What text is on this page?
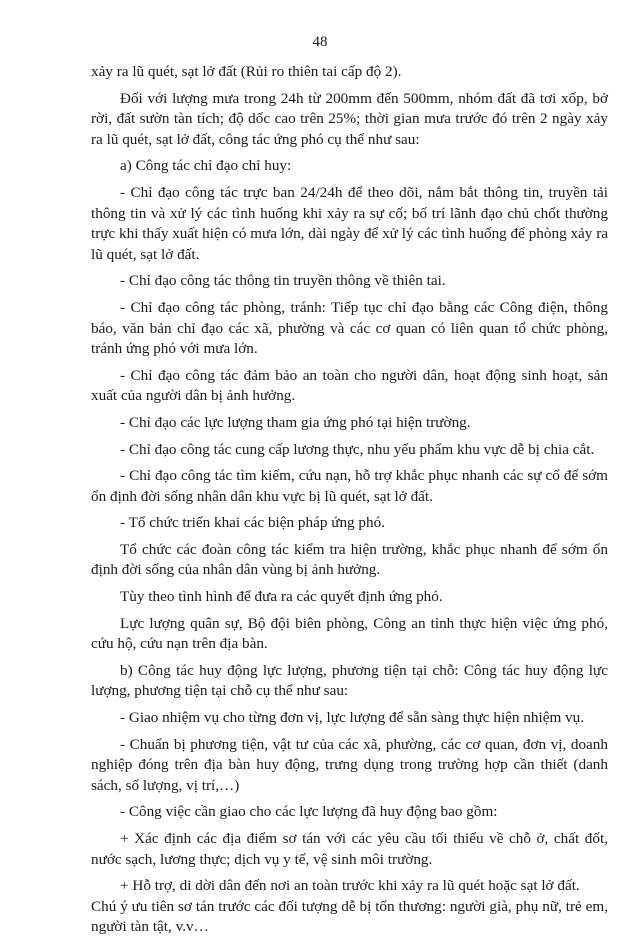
48

xảy ra lũ quét, sạt lở đất (Rủi ro thiên tai cấp độ 2).

Đối với lượng mưa trong 24h từ 200mm đến 500mm, nhóm đất đã tơi xốp, bở rời, đất sườn tàn tích; độ dốc cao trên 25%; thời gian mưa trước đó trên 2 ngày xảy ra lũ quét, sạt lở đất, công tác ứng phó cụ thể như sau:

a) Công tác chỉ đạo chỉ huy:

- Chỉ đạo công tác trực ban 24/24h để theo dõi, nắm bắt thông tin, truyền tải thông tin và xử lý các tình huống khi xảy ra sự cố; bố trí lãnh đạo chủ chốt thường trực khi thấy xuất hiện có mưa lớn, dài ngày để xử lý các tình huống để phòng xảy ra lũ quét, sạt lở đất.

- Chỉ đạo công tác thông tin truyền thông về thiên tai.

- Chỉ đạo công tác phòng, tránh: Tiếp tục chỉ đạo bằng các Công điện, thông báo, văn bản chỉ đạo các xã, phường và các cơ quan có liên quan tổ chức phòng, tránh ứng phó với mưa lớn.

- Chỉ đạo công tác đảm bảo an toàn cho người dân, hoạt động sinh hoạt, sản xuất của người dân bị ảnh hưởng.

- Chỉ đạo các lực lượng tham gia ứng phó tại hiện trường.

- Chỉ đạo công tác cung cấp lương thực, nhu yếu phẩm khu vực dễ bị chia cắt.

- Chỉ đạo công tác tìm kiếm, cứu nạn, hỗ trợ khắc phục nhanh các sự cố để sớm ổn định đời sống nhân dân khu vực bị lũ quét, sạt lở đất.

- Tổ chức triển khai các biện pháp ứng phó.

Tổ chức các đoàn công tác kiểm tra hiện trường, khắc phục nhanh để sớm ổn định đời sống của nhân dân vùng bị ảnh hưởng.

Tùy theo tình hình để đưa ra các quyết định ứng phó.

Lực lượng quân sự, Bộ đội biên phòng, Công an tỉnh thực hiện việc ứng phó, cứu hộ, cứu nạn trên địa bàn.

b) Công tác huy động lực lượng, phương tiện tại chỗ: Công tác huy động lực lượng, phương tiện tại chỗ cụ thể như sau:

- Giao nhiệm vụ cho từng đơn vị, lực lượng để sẵn sàng thực hiện nhiệm vụ.

- Chuẩn bị phương tiện, vật tư của các xã, phường, các cơ quan, đơn vị, doanh nghiệp đóng trên địa bàn huy động, trưng dụng trong trường hợp cần thiết (danh sách, số lượng, vị trí,…)

- Công việc cần giao cho các lực lượng đã huy động bao gồm:

+ Xác định các địa điểm sơ tán với các yêu cầu tối thiểu về chỗ ở, chất đốt, nước sạch, lương thực; dịch vụ y tế, vệ sinh môi trường.

+ Hỗ trợ, di dời dân đến nơi an toàn trước khi xảy ra lũ quét hoặc sạt lở đất.

Chú ý ưu tiên sơ tán trước các đối tượng dễ bị tổn thương: người già, phụ nữ, trẻ em, người tàn tật, v.v…
